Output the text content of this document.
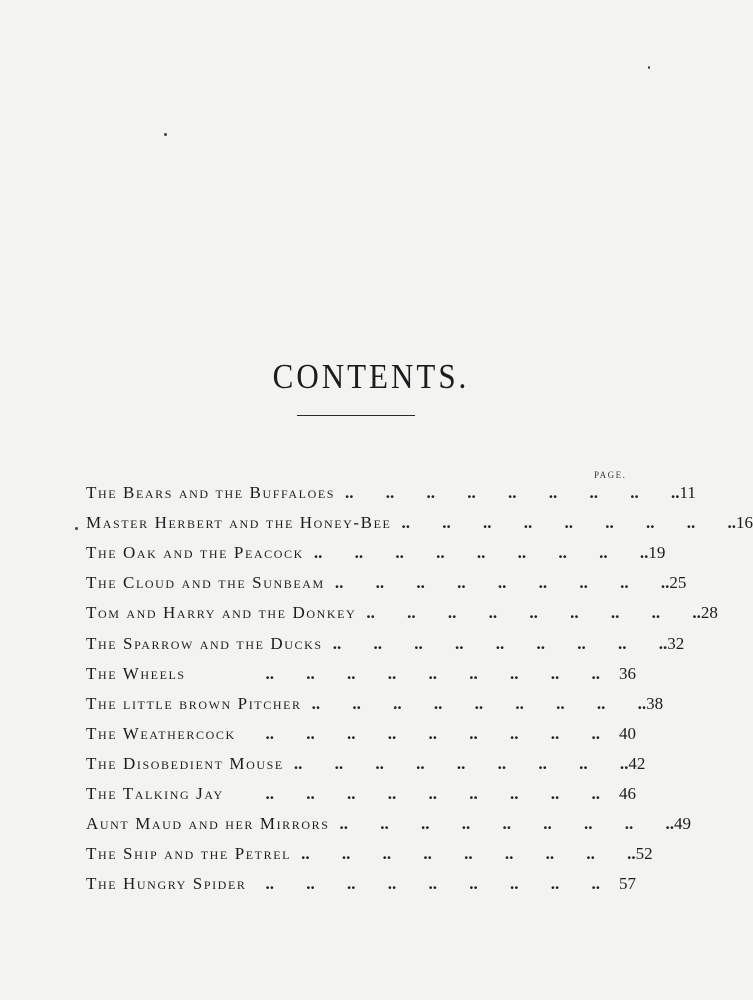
CONTENTS.
PAGE.
The Bears and the Buffaloes .. .. .. .. .. .. .. .. .. 11
Master Herbert and the Honey-Bee .. .. .. .. .. .. .. .. .. 16
The Oak and the Peacock .. .. .. .. .. .. .. .. .. 19
The Cloud and the Sunbeam .. .. .. .. .. .. .. .. .. 25
Tom and Harry and the Donkey .. .. .. .. .. .. .. .. .. 28
The Sparrow and the Ducks .. .. .. .. .. .. .. .. .. 32
The Wheels	.. .. .. .. .. .. .. .. ..	36
The little brown Pitcher .. .. .. .. .. .. .. .. .. 38
The Weathercock	.. .. .. .. .. .. .. .. ..	40
The Disobedient Mouse .. .. .. .. .. .. .. .. .. 42
The Talking Jay	.. .. .. .. .. .. .. .. ..	46
Aunt Maud and her Mirrors .. .. .. .. .. .. .. .. .. 49
The Ship and the Petrel .. .. .. .. .. .. .. .. .. 52
The Hungry Spider	.. .. .. .. .. .. .. .. ..	57
